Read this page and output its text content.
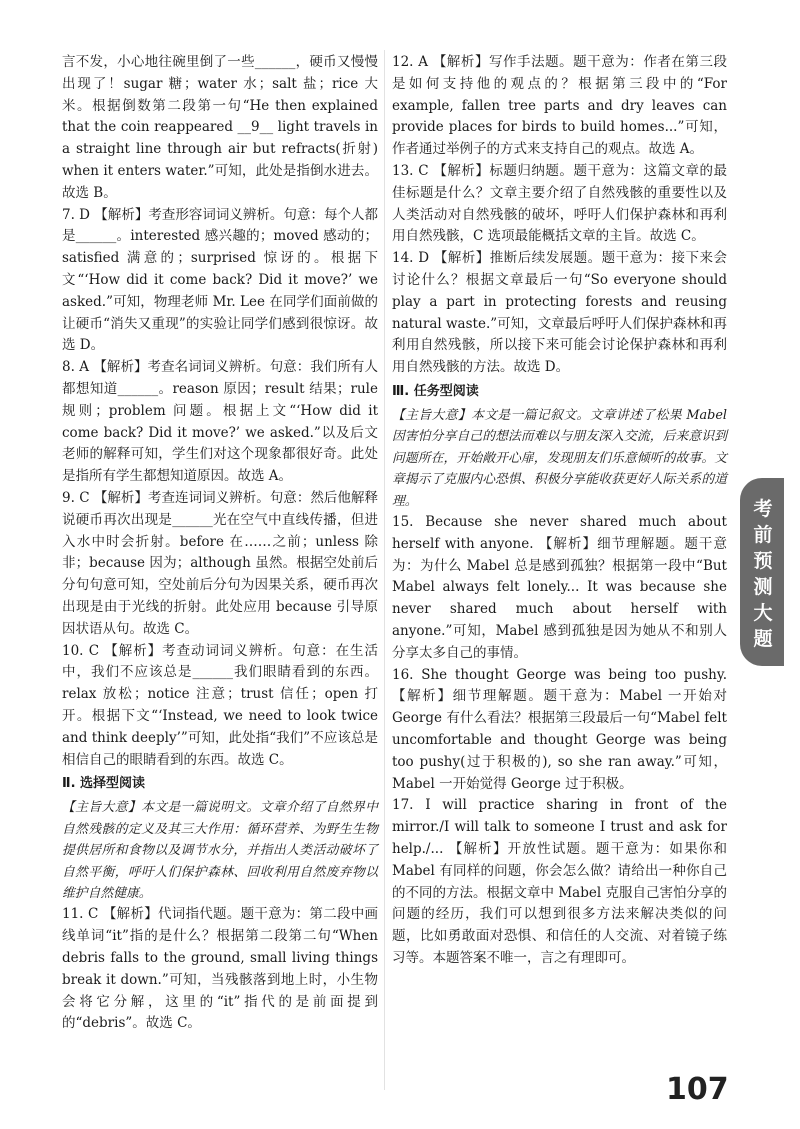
言不发，小心地往碗里倒了一些______，硬币又慢慢出现了！sugar 糖；water 水；salt 盐；rice 大米。根据倒数第二段第一句“He then explained that the coin reappeared __9__ light travels in a straight line through air but refracts(折射) when it enters water.”可知，此处是指倒水进去。故选 B。

7. D 【解析】考查形容词词义辨析。句意：每个人都是______。interested 感兴趣的；moved 感动的；satisfied 满意的；surprised 惊讶的。根据下文“‘How did it come back? Did it move?’ we asked.”可知，物理老师 Mr. Lee 在同学们面前做的让硬币“消失又重现”的实验让同学们感到很惊讶。故选 D。

8. A 【解析】考查名词词义辨析。句意：我们所有人都想知道______。reason 原因；result 结果；rule 规则；problem 问题。根据上文“‘How did it come back? Did it move?’ we asked.”以及后文老师的解释可知，学生们对这个现象都很好奇。此处是指所有学生都想知道原因。故选 A。

9. C 【解析】考查连词词义辨析。句意：然后他解释说硬币再次出现是______光在空气中直线传播，但进入水中时会折射。before 在……之前；unless 除非；because 因为；although 虽然。根据空处前后分句句意可知，空处前后分句为因果关系，硬币再次出现是由于光线的折射。此处应用 because 引导原因状语从句。故选 C。

10. C 【解析】考查动词词义辨析。句意：在生活中，我们不应该总是______我们眼睛看到的东西。relax 放松；notice 注意；trust 信任；open 打开。根据下文“‘Instead, we need to look twice and think deeply’”可知，此处指“我们”不应该总是相信自己的眼睛看到的东西。故选 C。

Ⅱ. 选择型阅读

【主旨大意】本文是一篇说明文。文章介绍了自然界中自然残骸的定义及其三大作用：循环营养、为野生生物提供居所和食物以及调节水分，并指出人类活动破坏了自然平衡，呼吁人们保护森林、回收利用自然废弃物以维护自然健康。

11. C 【解析】代词指代题。题干意为：第二段中画线单词“it”指的是什么？根据第二段第二句“When debris falls to the ground, small living things break it down.”可知，当残骸落到地上时，小生物会将它分解，这里的“it”指代的是前面提到的“debris”。故选 C。

12. A 【解析】写作手法题。题干意为：作者在第三段是如何支持他的观点的？根据第三段中的“For example, fallen tree parts and dry leaves can provide places for birds to build homes...”可知，作者通过举例子的方式来支持自己的观点。故选 A。

13. C 【解析】标题归纳题。题干意为：这篇文章的最佳标题是什么？文章主要介绍了自然残骸的重要性以及人类活动对自然残骸的破坏，呼吁人们保护森林和再利用自然残骸，C 选项最能概括文章的主旨。故选 C。

14. D 【解析】推断后续发展题。题干意为：接下来会讨论什么？根据文章最后一句“So everyone should play a part in protecting forests and reusing natural waste.”可知，文章最后呼吁人们保护森林和再利用自然残骸，所以接下来可能会讨论保护森林和再利用自然残骸的方法。故选 D。

Ⅲ. 任务型阅读

【主旨大意】本文是一篇记叙文。文章讲述了松果 Mabel 因害怕分享自己的想法而难以与朋友深入交流，后来意识到问题所在，开始敞开心扉，发现朋友们乐意倾听的故事。文章揭示了克服内心恐惧、积极分享能收获更好人际关系的道理。

15. Because she never shared much about herself with anyone. 【解析】细节理解题。题干意为：为什么 Mabel 总是感到孤独？根据第一段中“But Mabel always felt lonely... It was because she never shared much about herself with anyone.”可知，Mabel 感到孤独是因为她从不和别人分享太多自己的事情。

16. She thought George was being too pushy. 【解析】细节理解题。题干意为：Mabel 一开始对 George 有什么看法？根据第三段最后一句“Mabel felt uncomfortable and thought George was being too pushy(过于积极的), so she ran away.”可知，Mabel 一开始觉得 George 过于积极。

17. I will practice sharing in front of the mirror./I will talk to someone I trust and ask for help./... 【解析】开放性试题。题干意为：如果你和 Mabel 有同样的问题，你会怎么做？请给出一种你自己的不同的方法。根据文章中 Mabel 克服自己害怕分享的问题的经历，我们可以想到很多方法来解决类似的问题，比如勇敢面对恐惧、和信任的人交流、对着镜子练习等。本题答案不唯一，言之有理即可。

考前预测大题
107
